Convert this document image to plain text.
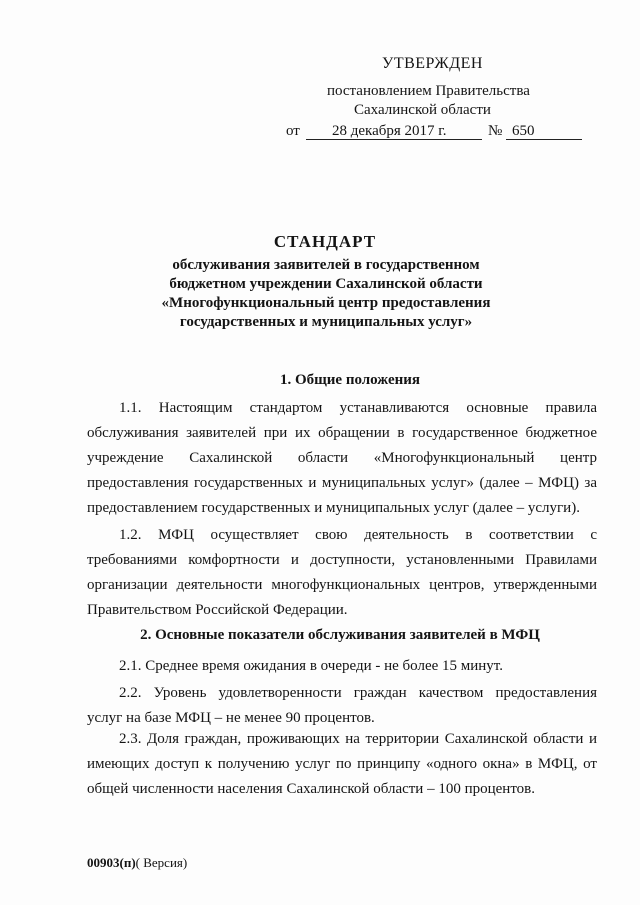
УТВЕРЖДЕН
постановлением Правительства
Сахалинской области
от 28 декабря 2017 г.	№ 650
СТАНДАРТ
обслуживания заявителей в государственном
бюджетном учреждении Сахалинской области
«Многофункциональный центр предоставления
государственных и муниципальных услуг»
1. Общие положения
1.1. Настоящим стандартом устанавливаются основные правила
обслуживания заявителей при их обращении в государственное бюджетное
учреждение Сахалинской области «Многофункциональный центр
предоставления государственных и муниципальных услуг» (далее – МФЦ) за
предоставлением государственных и муниципальных услуг (далее – услуги).
1.2. МФЦ осуществляет свою деятельность в соответствии с
требованиями комфортности и доступности, установленными Правилами
организации деятельности многофункциональных центров, утвержденными
Правительством Российской Федерации.
2. Основные показатели обслуживания заявителей в МФЦ
2.1. Среднее время ожидания в очереди - не более 15 минут.
2.2. Уровень удовлетворенности граждан качеством предоставления
услуг на базе МФЦ – не менее 90 процентов.
2.3. Доля граждан, проживающих на территории Сахалинской области и
имеющих доступ к получению услуг по принципу «одного окна» в МФЦ, от
общей численности населения Сахалинской области – 100 процентов.
00903(п)( Версия)
